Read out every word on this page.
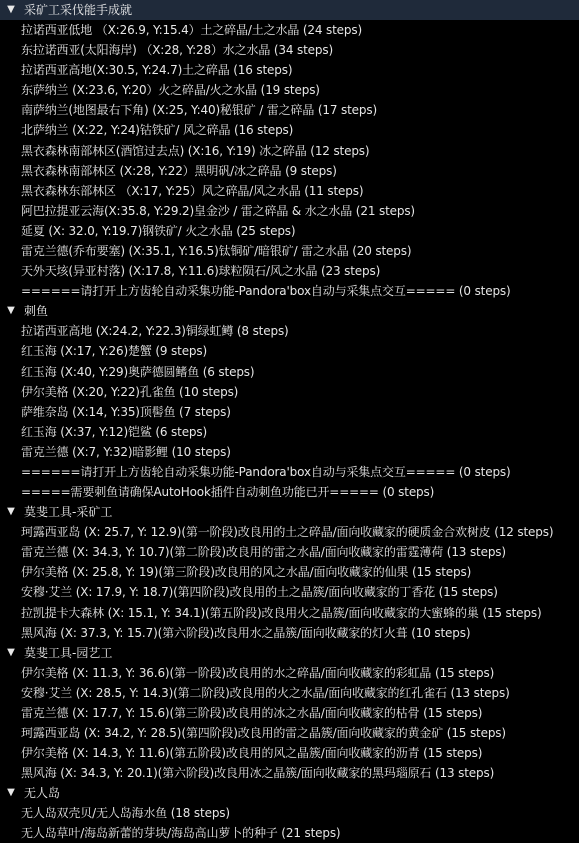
▼ 采矿工采伐能手成就
拉诺西亚低地 （X:26.9, Y:15.4）土之碎晶/土之水晶 (24 steps)
东拉诺西亚(太阳海岸) （X:28, Y:28）水之水晶 (34 steps)
拉诺西亚高地(X:30.5, Y:24.7)土之碎晶 (16 steps)
东萨纳兰 (X:23.6, Y:20）火之碎晶/火之水晶 (19 steps)
南萨纳兰(地图最右下角) (X:25, Y:40)秘银矿 / 雷之碎晶 (17 steps)
北萨纳兰 (X:22, Y:24)钴铁矿/ 风之碎晶 (16 steps)
黑衣森林南部林区(酒馆过去点) (X:16, Y:19) 冰之碎晶 (12 steps)
黑衣森林南部林区 (X:28, Y:22）黑明矾/冰之碎晶 (9 steps)
黑衣森林东部林区 （X:17, Y:25）风之碎晶/风之水晶 (11 steps)
阿巴拉提亚云海(X:35.8, Y:29.2)皇金沙 / 雷之碎晶 & 水之水晶 (21 steps)
延夏 (X: 32.0, Y:19.7)钢铁矿/ 火之水晶 (25 steps)
雷克兰德(乔布要塞) (X:35.1, Y:16.5)钛铜矿/暗银矿/ 雷之水晶 (20 steps)
天外天垓(异亚村落) (X:17.8, Y:11.6)球粒陨石/风之水晶 (23 steps)
======请打开上方齿轮自动采集功能-Pandora'box自动与采集点交互===== (0 steps)
▼ 刺鱼
拉诺西亚高地 (X:24.2, Y:22.3)铜绿虹鳟 (8 steps)
红玉海 (X:17, Y:26)楚蟹 (9 steps)
红玉海 (X:40, Y:29)奥萨德圆鳍鱼 (6 steps)
伊尔美格 (X:20, Y:22)孔雀鱼 (10 steps)
萨维奈岛 (X:14, Y:35)顶髻鱼 (7 steps)
红玉海 (X:37, Y:12)铠鲨 (6 steps)
雷克兰德 (X:7, Y:32)暗影鲤 (10 steps)
======请打开上方齿轮自动采集功能-Pandora'box自动与采集点交互===== (0 steps)
=====需要刺鱼请确保AutoHook插件自动刺鱼功能已开===== (0 steps)
▼ 莫斐工具-采矿工
珂露西亚岛 (X: 25.7, Y: 12.9)(第一阶段)改良用的土之碎晶/面向收藏家的硬质金合欢树皮 (12 steps)
雷克兰德 (X: 34.3, Y: 10.7)(第二阶段)改良用的雷之水晶/面向收藏家的雷霆薄荷 (13 steps)
伊尔美格 (X: 25.8, Y: 19)(第三阶段)改良用的风之水晶/面向收藏家的仙果 (15 steps)
安穆·艾兰 (X: 17.9, Y: 18.7)(第四阶段)改良用的土之晶簇/面向收藏家的丁香花 (15 steps)
拉凯提卡大森林 (X: 15.1, Y: 34.1)(第五阶段)改良用火之晶簇/面向收藏家的大蜜蜂的巢 (15 steps)
黑风海 (X: 37.3, Y: 15.7)(第六阶段)改良用水之晶簇/面向收藏家的灯火葺 (10 steps)
▼ 莫斐工具-园艺工
伊尔美格 (X: 11.3, Y: 36.6)(第一阶段)改良用的水之碎晶/面向收藏家的彩虹晶 (15 steps)
安穆·艾兰 (X: 28.5, Y: 14.3)(第二阶段)改良用的火之水晶/面向收藏家的红孔雀石 (13 steps)
雷克兰德 (X: 17.7, Y: 15.6)(第三阶段)改良用的冰之水晶/面向收藏家的枯骨 (15 steps)
珂露西亚岛 (X: 34.2, Y: 28.5)(第四阶段)改良用的雷之晶簇/面向收藏家的黄金矿 (15 steps)
伊尔美格 (X: 14.3, Y: 11.6)(第五阶段)改良用的风之晶簇/面向收藏家的沥青 (15 steps)
黑风海 (X: 34.3, Y: 20.1)(第六阶段)改良用冰之晶簇/面向收藏家的黑玛瑙原石 (13 steps)
▼ 无人岛
无人岛双壳贝/无人岛海水鱼 (18 steps)
无人岛草叶/海岛新蕾的芽块/海岛高山萝卜的种子 (21 steps)
